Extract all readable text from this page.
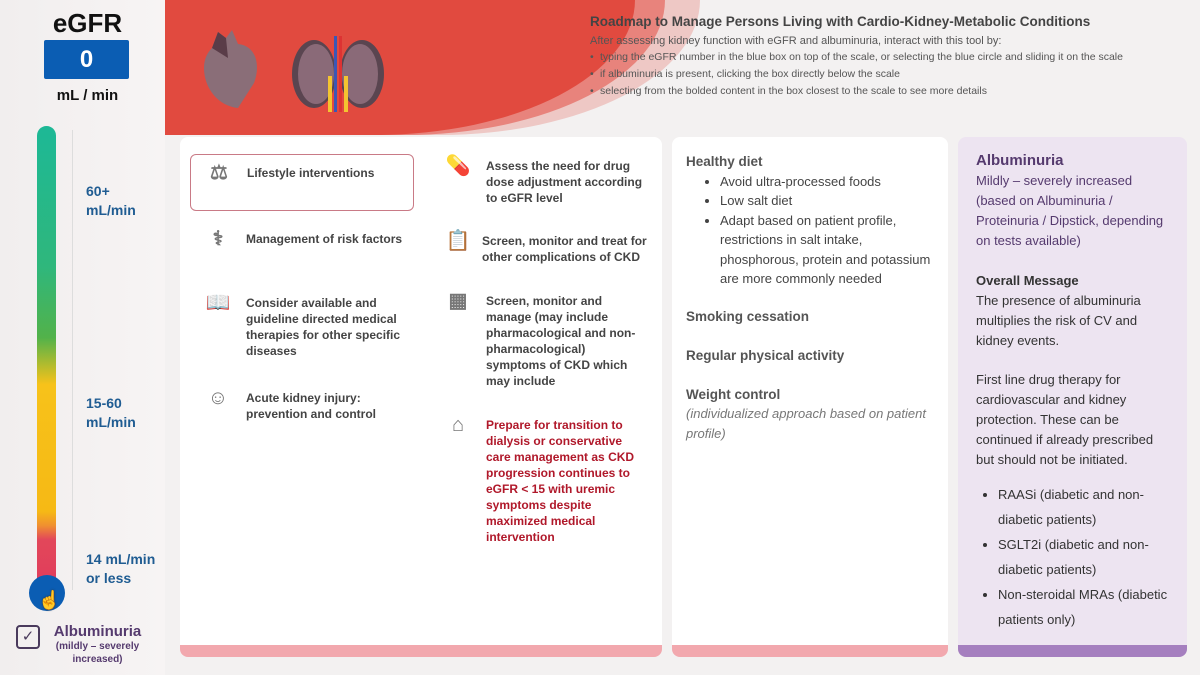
eGFR
0
mL / min
☝
60+
mL/min
15-60
mL/min
14 mL/min
or less
✓	Albuminuria
(mildly – severely increased)
Roadmap to Manage Persons Living with Cardio-Kidney-Metabolic Conditions

After assessing kidney function with eGFR and albuminuria, interact with this tool by:

• typing the eGFR number in the blue box on top of the scale, or selecting the blue circle and sliding it on the scale
• if albuminuria is present, clicking the box directly below the scale
• selecting from the bolded content in the box closest to the scale to see more details
⚖	Lifestyle interventions
⚕	Management of risk factors
📖 Consider available and guideline directed medical therapies for other specific diseases
☺	Acute kidney injury: prevention and control
💊 Assess the need for drug dose adjustment according to eGFR level
📋 Screen, monitor and treat for other complications of CKD
▦	Screen, monitor and manage (may include pharmacological and non-pharmacological) symptoms of CKD which may include
⌂	Prepare for transition to dialysis or conservative care management as CKD progression continues to eGFR < 15 with uremic symptoms despite maximized medical intervention
Healthy diet
• Avoid ultra-processed foods
• Low salt diet
• Adapt based on patient profile, restrictions in salt intake, phosphorous, protein and potassium are more commonly needed
Smoking cessation
Regular physical activity
Weight control
(individualized approach based on patient profile)
Albuminuria
Mildly – severely increased (based on Albuminuria / Proteinuria / Dipstick, depending on tests available)
Overall Message
The presence of albuminuria multiplies the risk of CV and kidney events.
First line drug therapy for cardiovascular and kidney protection. These can be continued if already prescribed but should not be initiated.
• RAASi (diabetic and non-diabetic patients)
• SGLT2i (diabetic and non-diabetic patients)
• Non-steroidal MRAs (diabetic patients only)
